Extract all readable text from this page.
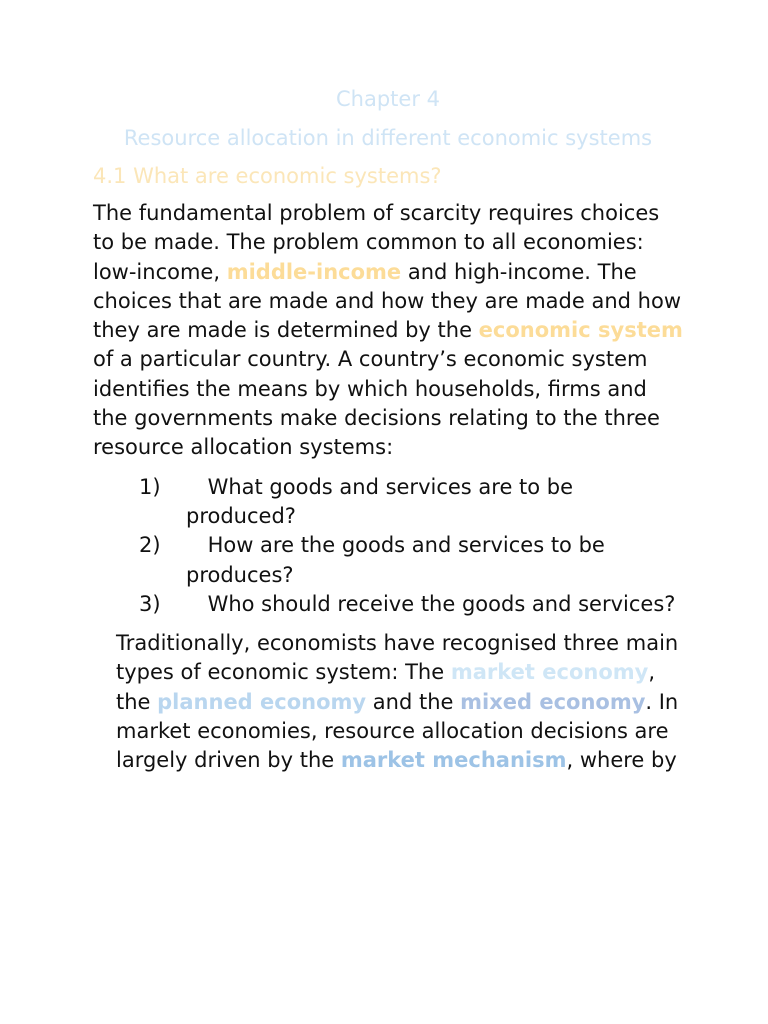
Chapter 4
Resource allocation in different economic systems
4.1 What are economic systems?

The fundamental problem of scarcity requires choices to be made. The problem common to all economies: low-income, middle-income and high-income. The choices that are made and how they are made and how they are made is determined by the economic system of a particular country. A country’s economic system identifies the means by which households, firms and the governments make decisions relating to the three resource allocation systems:

1) What goods and services are to be produced?
2) How are the goods and services to be produces?
3) Who should receive the goods and services?

Traditionally, economists have recognised three main types of economic system: The market economy, the planned economy and the mixed economy. In market economies, resource allocation decisions are largely driven by the market mechanism, where by
